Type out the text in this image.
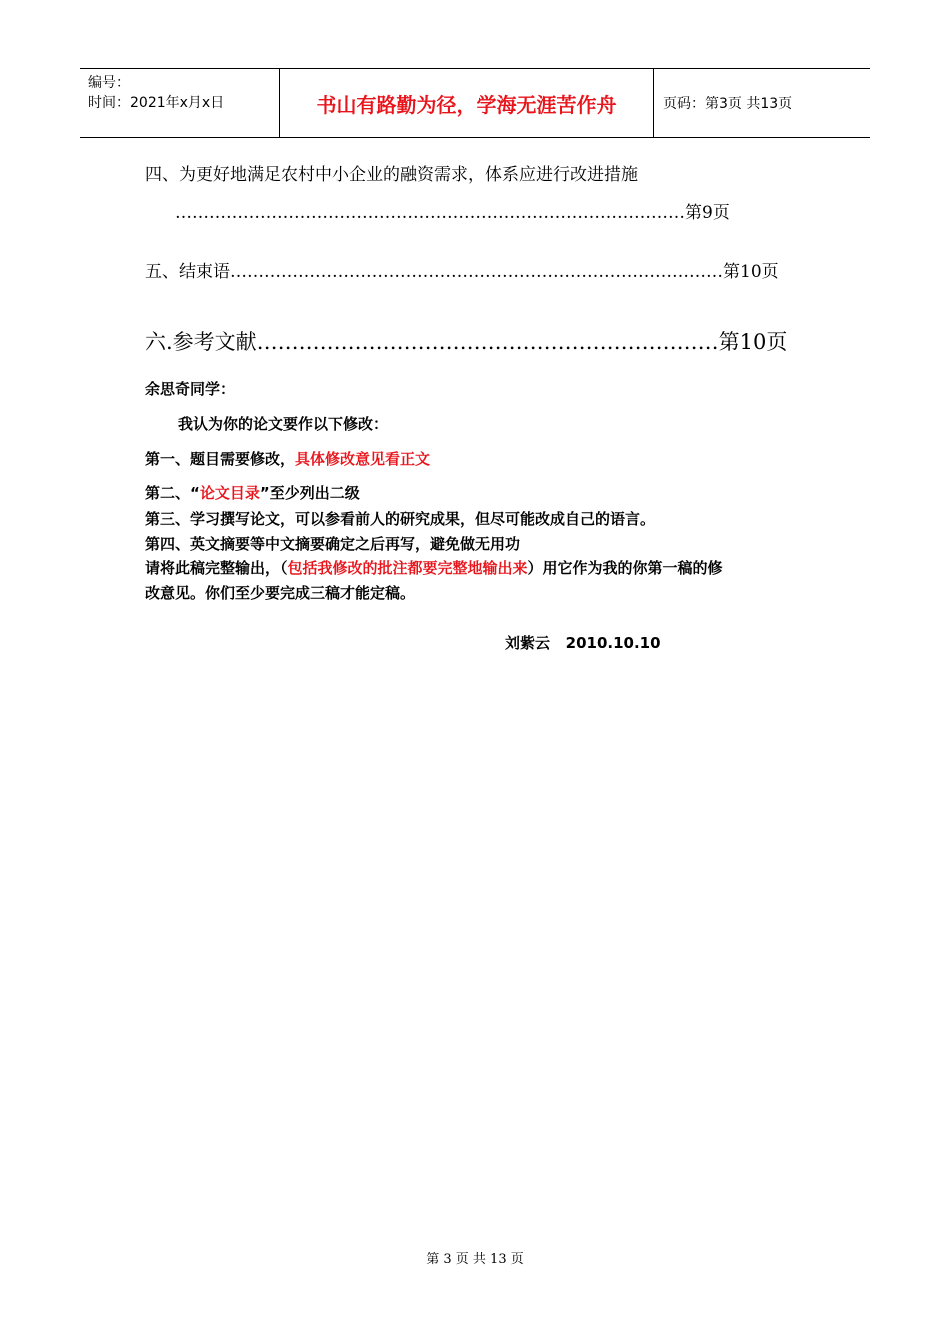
编号：
时间：2021年x月x日	书山有路勤为径，学海无涯苦作舟	页码：第3页 共13页
四、为更好地满足农村中小企业的融资需求，体系应进行改进措施
………………………………………………………………………………第9页
五、结束语……………………………………………………………………………第10页
六.参考文献…………………………………………………………第10页
余思奇同学：
我认为你的论文要作以下修改：
第一、题目需要修改，具体修改意见看正文
第二、“论文目录”至少列出二级
第三、学习撰写论文，可以参看前人的研究成果，但尽可能改成自己的语言。
第四、英文摘要等中文摘要确定之后再写，避免做无用功
请将此稿完整输出，（包括我修改的批注都要完整地输出来）用它作为我的你第一稿的修
改意见。你们至少要完成三稿才能定稿。
刘紫云   2010.10.10
第 3 页 共 13 页
